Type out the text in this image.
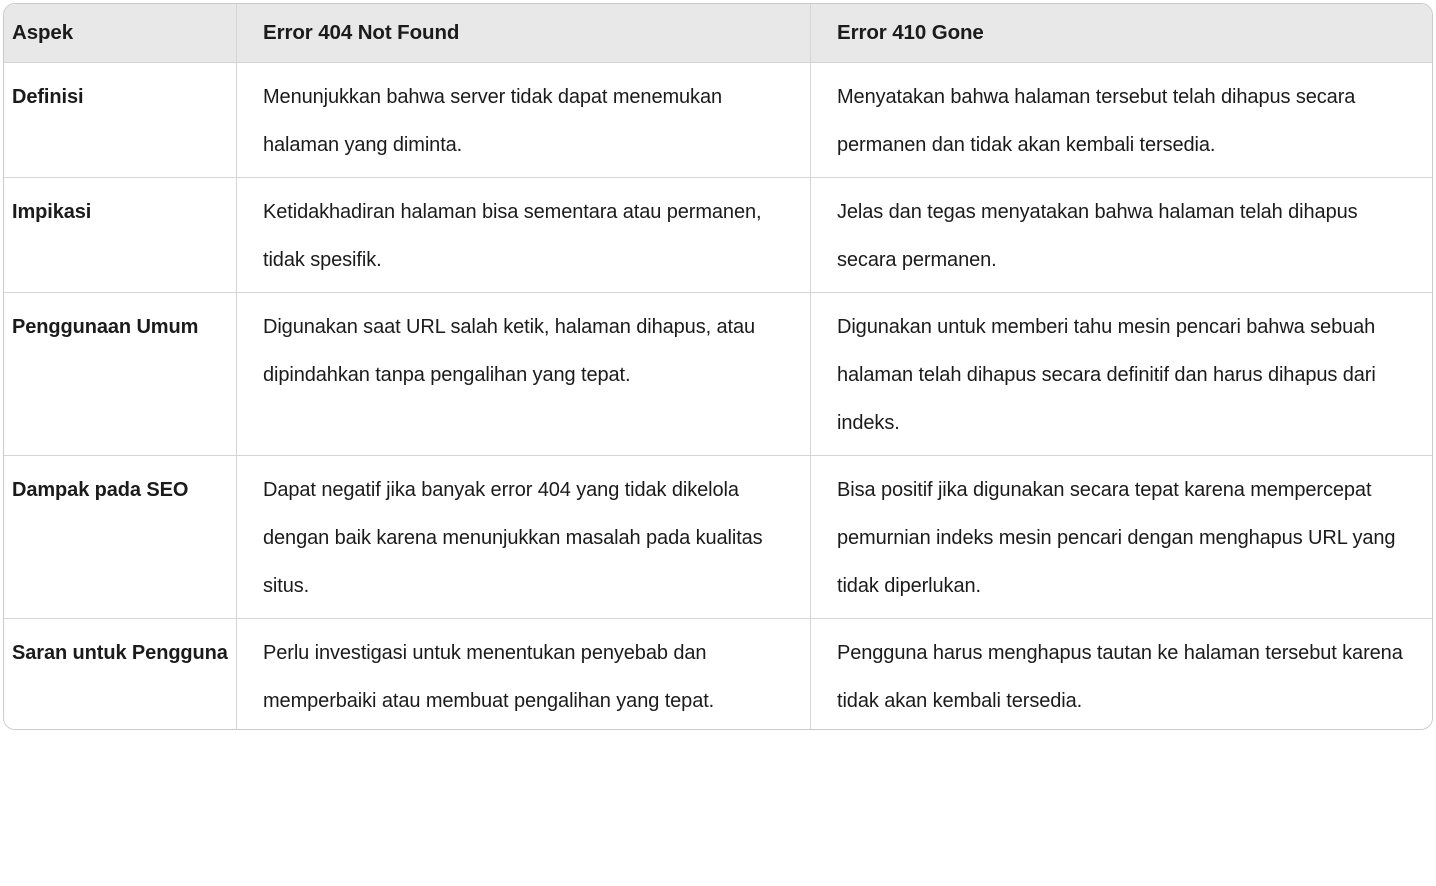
Aspek	Error 404 Not Found	Error 410 Gone
Definisi	Menunjukkan bahwa server tidak dapat menemukan halaman yang diminta.	Menyatakan bahwa halaman tersebut telah dihapus secara permanen dan tidak akan kembali tersedia.
Impikasi	Ketidakhadiran halaman bisa sementara atau permanen, tidak spesifik.	Jelas dan tegas menyatakan bahwa halaman telah dihapus secara permanen.
Penggunaan Umum	Digunakan saat URL salah ketik, halaman dihapus, atau dipindahkan tanpa pengalihan yang tepat.	Digunakan untuk memberi tahu mesin pencari bahwa sebuah halaman telah dihapus secara definitif dan harus dihapus dari indeks.
Dampak pada SEO	Dapat negatif jika banyak error 404 yang tidak dikelola dengan baik karena menunjukkan masalah pada kualitas situs.	Bisa positif jika digunakan secara tepat karena mempercepat pemurnian indeks mesin pencari dengan menghapus URL yang tidak diperlukan.
Saran untuk Pengguna	Perlu investigasi untuk menentukan penyebab dan memperbaiki atau membuat pengalihan yang tepat.	Pengguna harus menghapus tautan ke halaman tersebut karena tidak akan kembali tersedia.
